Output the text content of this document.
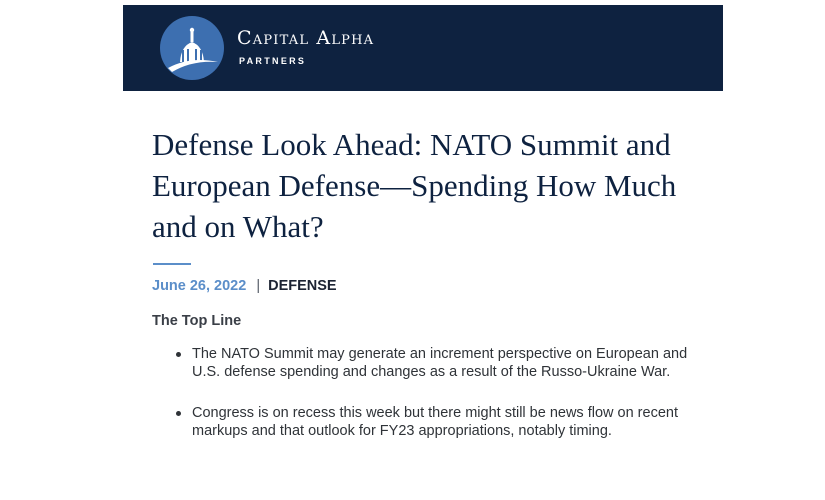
Capital Alpha
PARTNERS
Defense Look Ahead: NATO Summit and European Defense—Spending How Much and on What?
June 26, 2022 | DEFENSE
The Top Line
The NATO Summit may generate an increment perspective on European and U.S. defense spending and changes as a result of the Russo-Ukraine War.
Congress is on recess this week but there might still be news flow on recent markups and that outlook for FY23 appropriations, notably timing.
